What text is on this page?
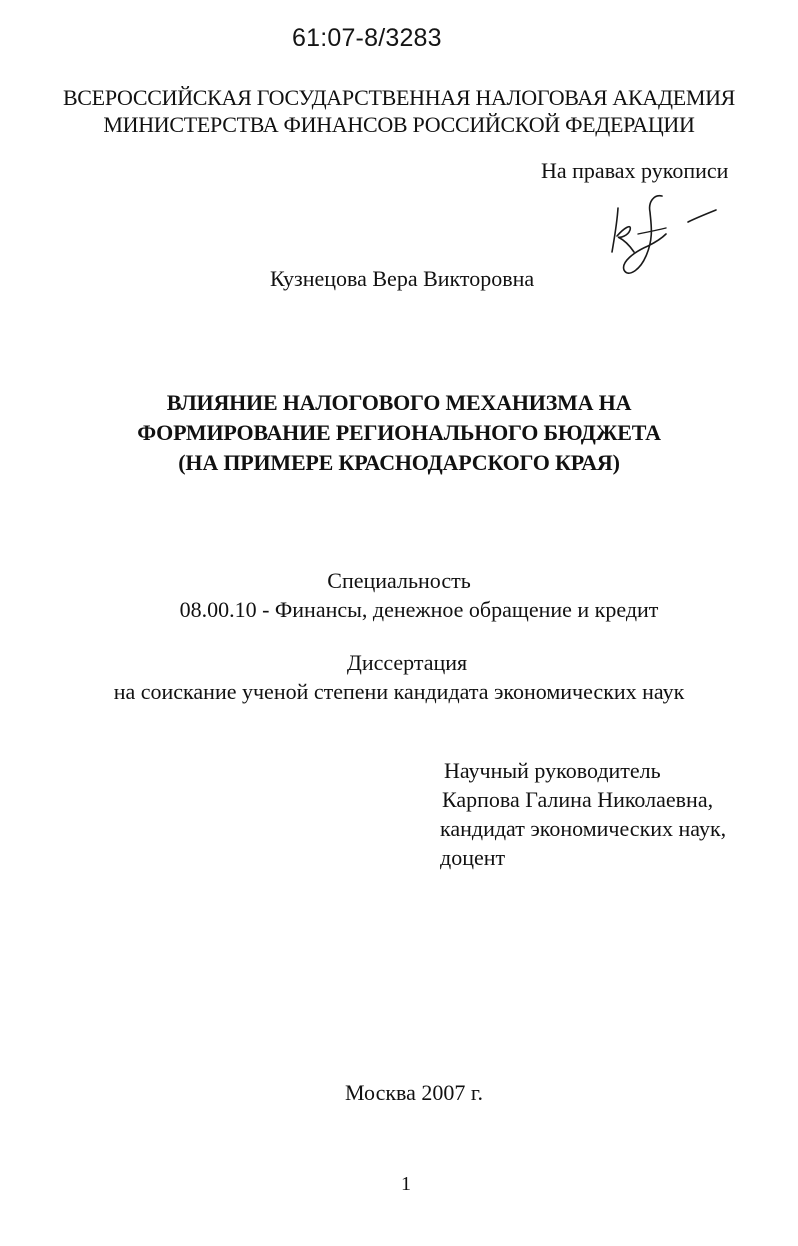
61:07-8/3283
ВСЕРОССИЙСКАЯ ГОСУДАРСТВЕННАЯ НАЛОГОВАЯ АКАДЕМИЯ
МИНИСТЕРСТВА ФИНАНСОВ РОССИЙСКОЙ ФЕДЕРАЦИИ
На правах рукописи
Кузнецова Вера Викторовна
ВЛИЯНИЕ НАЛОГОВОГО МЕХАНИЗМА НА
ФОРМИРОВАНИЕ РЕГИОНАЛЬНОГО БЮДЖЕТА
(НА ПРИМЕРЕ КРАСНОДАРСКОГО КРАЯ)
Специальность
08.00.10 - Финансы, денежное обращение и кредит
Диссертация
на соискание ученой степени кандидата экономических наук
Научный руководитель
Карпова Галина Николаевна,
кандидат экономических наук,
доцент
Москва 2007 г.
1
